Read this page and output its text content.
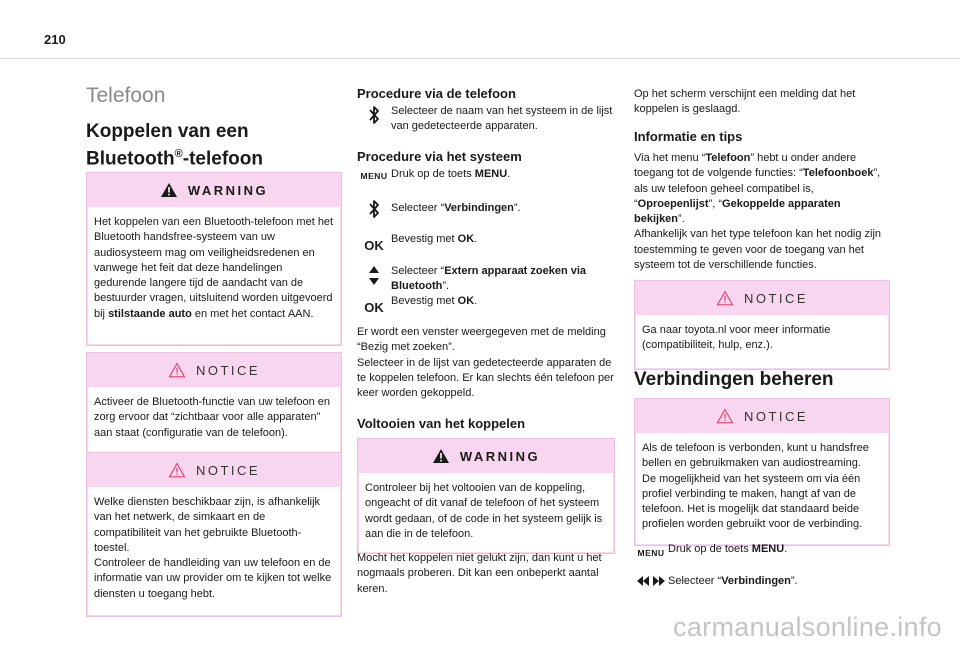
210
Telefoon
Koppelen van een
Bluetooth®-telefoon
WARNING

Het koppelen van een Bluetooth-telefoon met het Bluetooth handsfree-systeem van uw audiosysteem mag om veiligheidsredenen en vanwege het feit dat deze handelingen gedurende langere tijd de aandacht van de bestuurder vragen, uitsluitend worden uitgevoerd bij stilstaande auto en met het contact AAN.

NOTICE

Activeer de Bluetooth-functie van uw telefoon en zorg ervoor dat “zichtbaar voor alle apparaten” aan staat (configuratie van de telefoon).

NOTICE

Welke diensten beschikbaar zijn, is afhankelijk van het netwerk, de simkaart en de compatibiliteit van het gebruikte Bluetooth-toestel.

Controleer de handleiding van uw telefoon en de informatie van uw provider om te kijken tot welke diensten u toegang hebt.

Procedure via de telefoon
Selecteer de naam van het systeem in de lijst van gedetecteerde apparaten.
Procedure via het systeem
MENU Druk op de toets MENU.
Selecteer “Verbindingen”.
OK Bevestig met OK.
Selecteer “Extern apparaat zoeken via Bluetooth”.
OK Bevestig met OK.

Er wordt een venster weergegeven met de melding “Bezig met zoeken”.

Selecteer in de lijst van gedetecteerde apparaten de te koppelen telefoon. Er kan slechts één telefoon per keer worden gekoppeld.

Voltooien van het koppelen
WARNING

Controleer bij het voltooien van de koppeling, ongeacht of dit vanaf de telefoon of het systeem wordt gedaan, of de code in het systeem gelijk is aan die in de telefoon.

Mocht het koppelen niet gelukt zijn, dan kunt u het nogmaals proberen. Dit kan een onbeperkt aantal keren.

Op het scherm verschijnt een melding dat het koppelen is geslaagd.

Informatie en tips

Via het menu “Telefoon” hebt u onder andere toegang tot de volgende functies: “Telefoonboek”, als uw telefoon geheel compatibel is, “Oproepenlijst”, “Gekoppelde apparaten bekijken”.

Afhankelijk van het type telefoon kan het nodig zijn toestemming te geven voor de toegang van het systeem tot de verschillende functies.

NOTICE

Ga naar toyota.nl voor meer informatie (compatibiliteit, hulp, enz.).

Verbindingen beheren
NOTICE

Als de telefoon is verbonden, kunt u handsfree bellen en gebruikmaken van audiostreaming.

De mogelijkheid van het systeem om via één profiel verbinding te maken, hangt af van de telefoon. Het is mogelijk dat standaard beide profielen worden gebruikt voor de verbinding.

MENU Druk op de toets MENU.
Selecteer “Verbindingen”.
carmanualsonline.info
